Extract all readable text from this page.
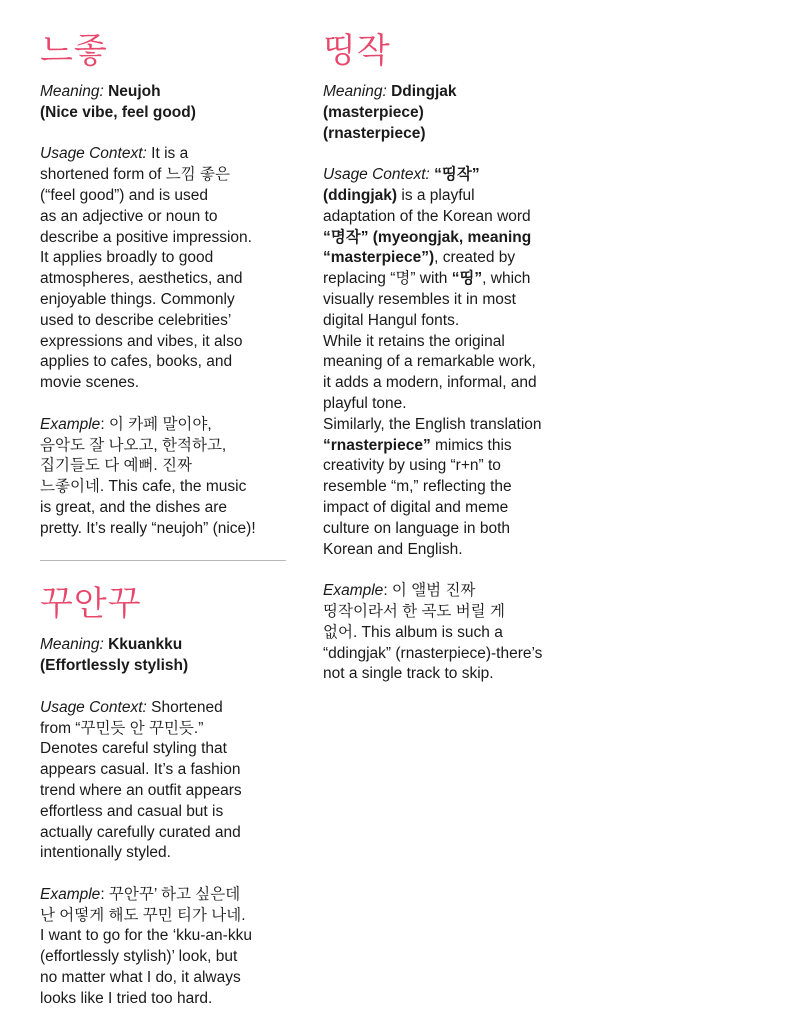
느좋
Meaning: Neujoh
(Nice vibe, feel good)
Usage Context: It is a
shortened form of 느낌 좋은
(“feel good”) and is used
as an adjective or noun to
describe a positive impression.
It applies broadly to good
atmospheres, aesthetics, and
enjoyable things. Commonly
used to describe celebrities’
expressions and vibes, it also
applies to cafes, books, and
movie scenes.
Example: 이 카페 말이야,
음악도 잘 나오고, 한적하고,
집기들도 다 예뻐. 진짜
느좋이네. This cafe, the music
is great, and the dishes are
pretty. It’s really “neujoh” (nice)!
꾸안꾸
Meaning: Kkuankku
(Effortlessly stylish)
Usage Context: Shortened
from “꾸민듯 안 꾸민듯.”
Denotes careful styling that
appears casual. It’s a fashion
trend where an outfit appears
effortless and casual but is
actually carefully curated and
intentionally styled.
Example: 꾸안꾸’ 하고 싶은데
난 어떻게 해도 꾸민 티가 나네.
I want to go for the ‘kku-an-kku
(effortlessly stylish)’ look, but
no matter what I do, it always
looks like I tried too hard.
띵작
Meaning: Ddingjak
(masterpiece)
(rnasterpiece)
Usage Context: “띵작”
(ddingjak) is a playful
adaptation of the Korean word
“명작” (myeongjak, meaning
“masterpiece”), created by
replacing “명” with “띵”, which
visually resembles it in most
digital Hangul fonts.
While it retains the original
meaning of a remarkable work,
it adds a modern, informal, and
playful tone.
Similarly, the English translation
“rnasterpiece” mimics this
creativity by using “r+n” to
resemble “m,” reflecting the
impact of digital and meme
culture on language in both
Korean and English.
Example: 이 앨범 진짜
띵작이라서 한 곡도 버릴 게
없어. This album is such a
“ddingjak” (rnasterpiece)-there’s
not a single track to skip.
